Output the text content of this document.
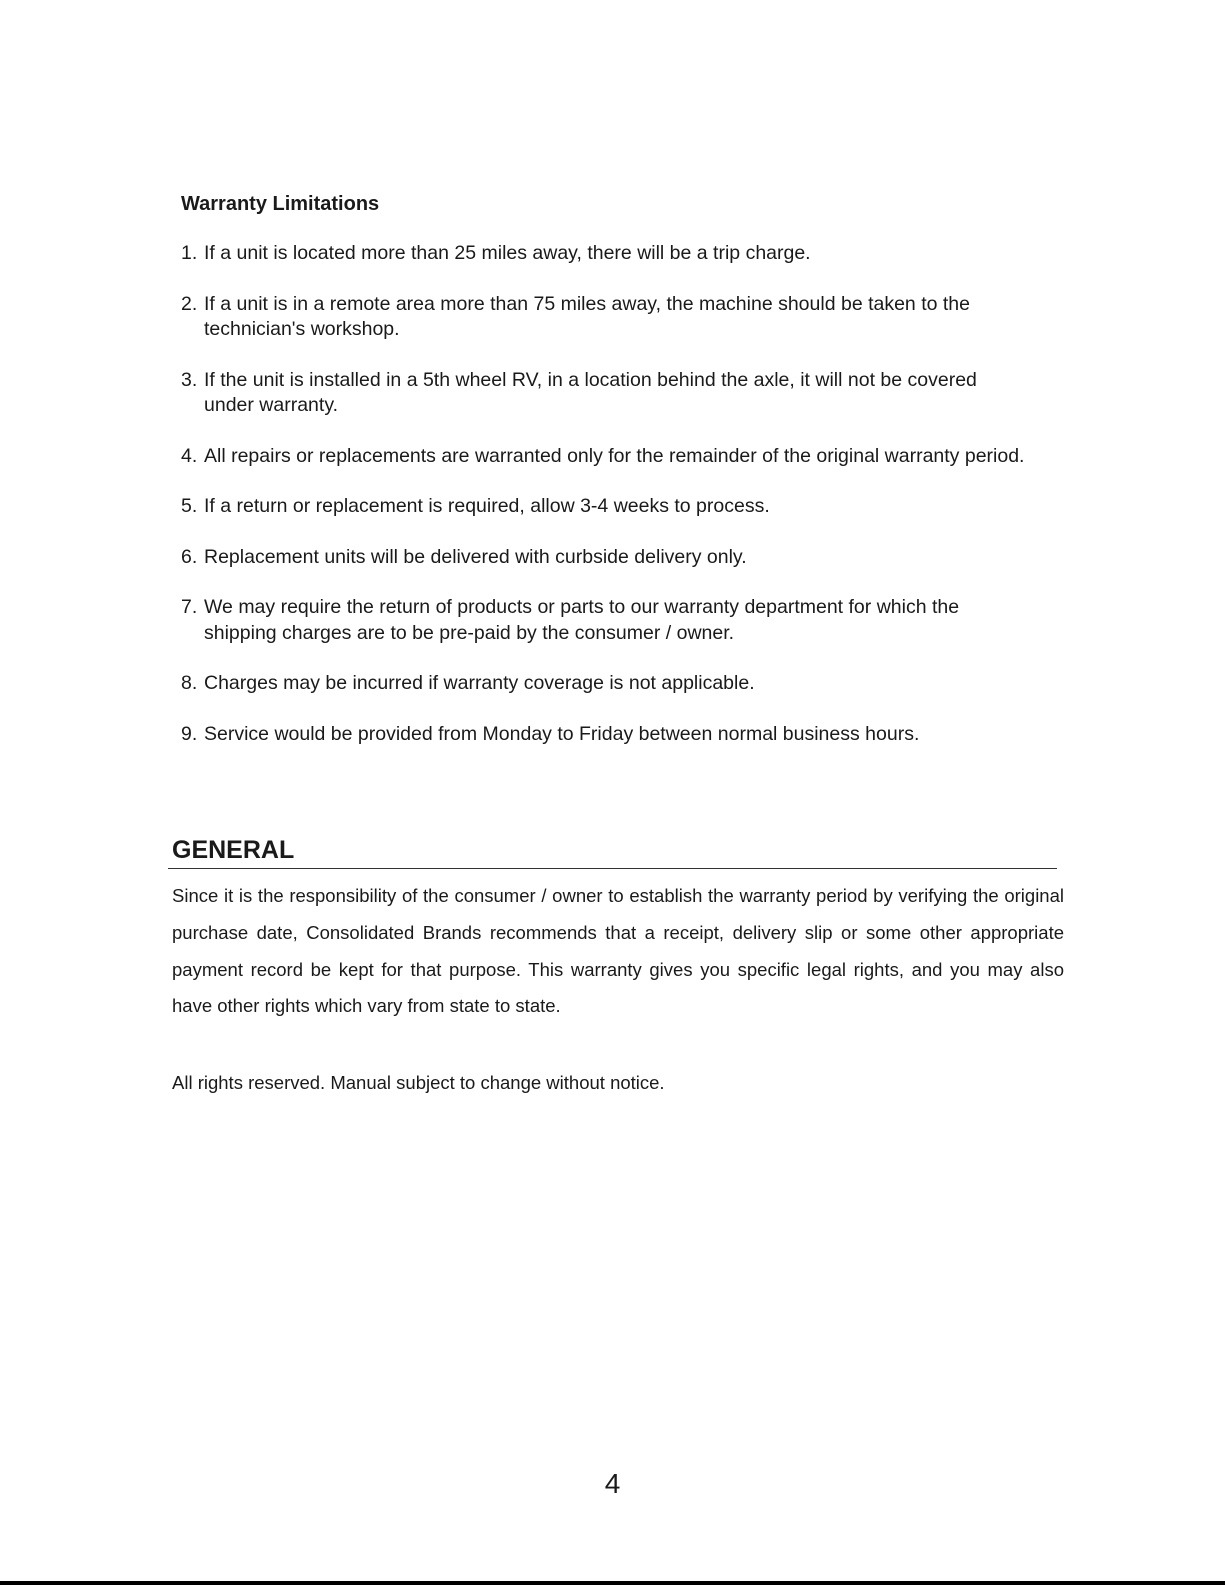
Warranty Limitations
1. If a unit is located more than 25 miles away, there will be a trip charge.
2. If a unit is in a remote area more than 75 miles away, the machine should be taken to the technician's workshop.
3. If the unit is installed in a 5th wheel RV, in a location behind the axle, it will not be covered under warranty.
4. All repairs or replacements are warranted only for the remainder of the original warranty period.
5. If a return or replacement is required, allow 3-4 weeks to process.
6. Replacement units will be delivered with curbside delivery only.
7. We may require the return of products or parts to our warranty department for which the shipping charges are to be pre-paid by the consumer / owner.
8. Charges may be incurred if warranty coverage is not applicable.
9. Service would be provided from Monday to Friday between normal business hours.
GENERAL

Since it is the responsibility of the consumer / owner to establish the warranty period by verifying the original purchase date, Consolidated Brands recommends that a receipt, delivery slip or some other appropriate payment record be kept for that purpose. This warranty gives you specific legal rights, and you may also have other rights which vary from state to state.

All rights reserved. Manual subject to change without notice.

4
